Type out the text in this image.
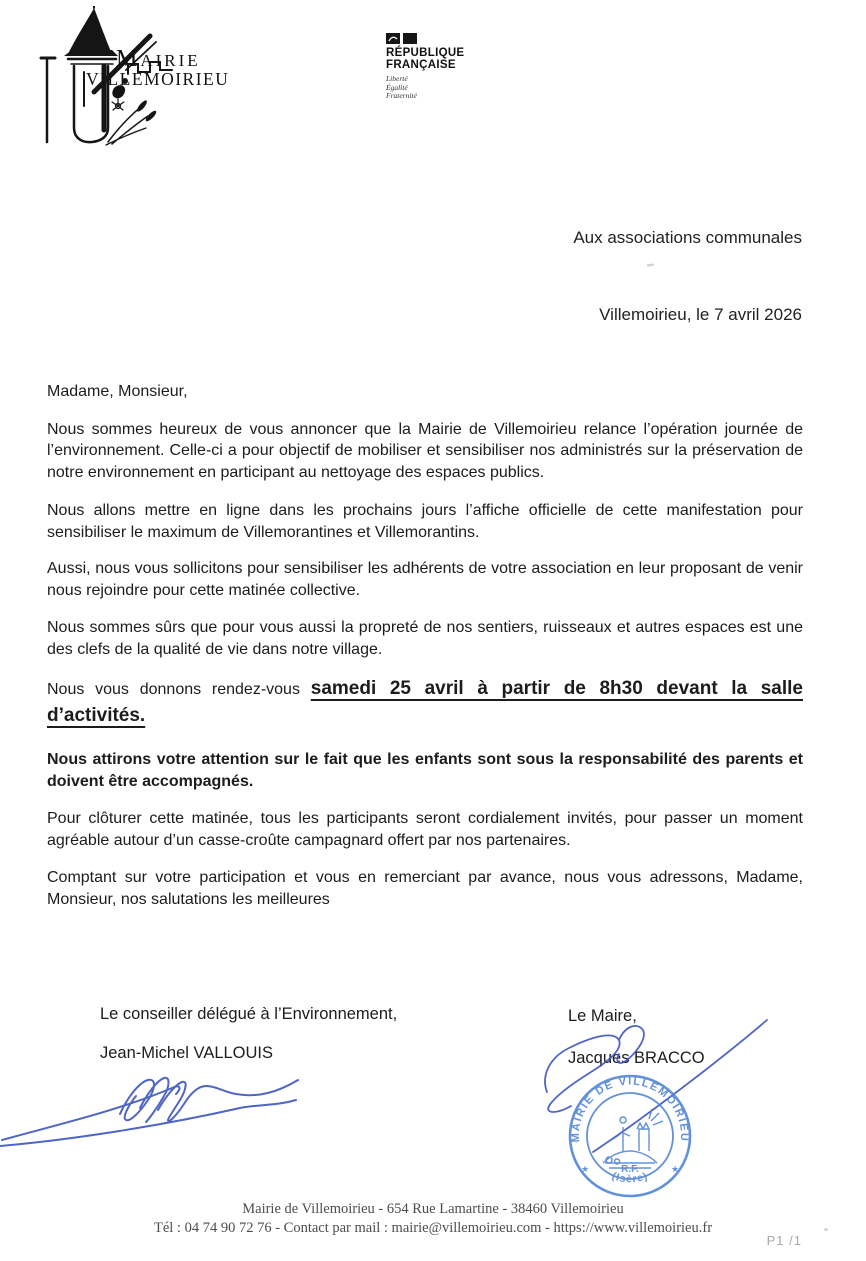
Mairie
VILLEMOIRIEU
RÉPUBLIQUE
FRANÇAISE
Liberté
Égalité
Fraternité
Aux associations communales
Villemoirieu, le 7 avril 2026

Madame, Monsieur,

Nous sommes heureux de vous annoncer que la Mairie de Villemoirieu relance l’opération journée de l’environnement. Celle-ci a pour objectif de mobiliser et sensibiliser nos administrés sur la préservation de notre environnement en participant au nettoyage des espaces publics.

Nous allons mettre en ligne dans les prochains jours l’affiche officielle de cette manifestation pour sensibiliser le maximum de Villemorantines et Villemorantins.

Aussi, nous vous sollicitons pour sensibiliser les adhérents de votre association en leur proposant de venir nous rejoindre pour cette matinée collective.

Nous sommes sûrs que pour vous aussi la propreté de nos sentiers, ruisseaux et autres espaces est une des clefs de la qualité de vie dans notre village.

Nous vous donnons rendez-vous samedi 25 avril à partir de 8h30 devant la salle d’activités.

Nous attirons votre attention sur le fait que les enfants sont sous la responsabilité des parents et doivent être accompagnés.

Pour clôturer cette matinée, tous les participants seront cordialement invités, pour passer un moment agréable autour d’un casse-croûte campagnard offert par nos partenaires.

Comptant sur votre participation et vous en remerciant par avance, nous vous adressons, Madame, Monsieur, nos salutations les meilleures

Le conseiller délégué à l’Environnement,
Jean-Michel VALLOUIS
Le Maire,
Jacques BRACCO
MAIRIE DE VILLEMOIRIEU
(Isère)
R.F.
★	★
Mairie de Villemoirieu - 654 Rue Lamartine - 38460 Villemoirieu
Tél : 04 74 90 72 76 - Contact par mail : mairie@villemoirieu.com - https://www.villemoirieu.fr
P1 /1
